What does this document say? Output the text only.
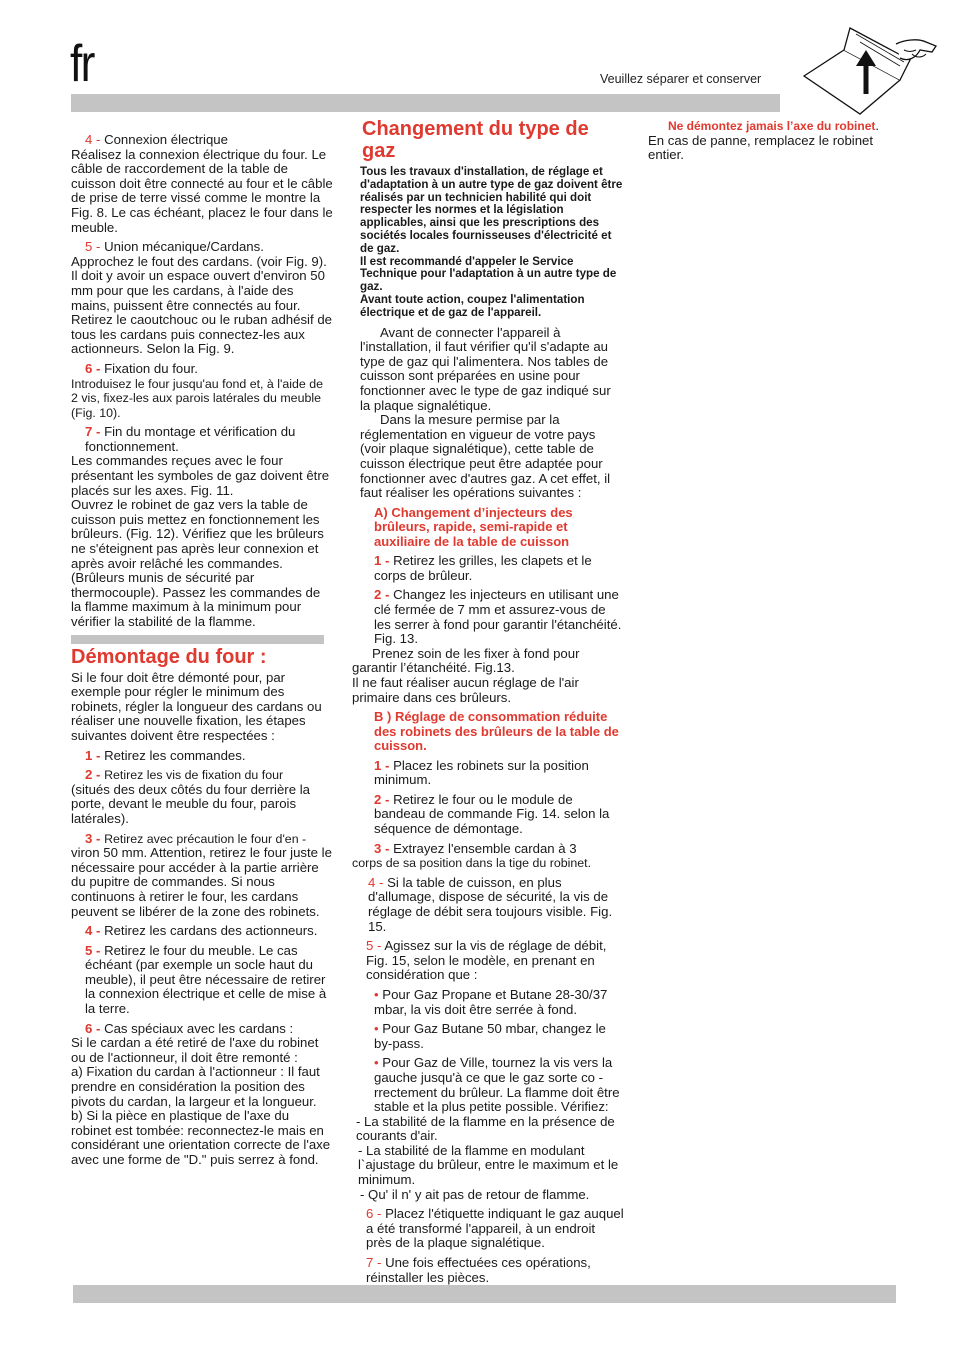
fr	Veuillez séparer et conserver
4 - Connexion électrique

Réalisez la connexion électrique du four. Le câble de raccordement de la table de cuisson doit être connecté au four et le câble de prise de terre vissé comme le montre la Fig. 8. Le cas échéant, placez le four dans le meuble.

5 - Union mécanique/Cardans.

Approchez le fout des cardans. (voir Fig. 9). Il doit y avoir un espace ouvert d'environ 50 mm pour que les cardans, à l'aide des mains, puissent être connectés au four. Retirez le caoutchouc ou le ruban adhésif de tous les cardans puis connectez-les aux actionneurs. Selon la Fig. 9.

6 - Fixation du four.

Introduisez le four jusqu'au fond et, à l'aide de 2 vis, fixez-les aux parois latérales du meuble (Fig. 10).

7 - Fin du montage et vérification du fonctionnement.
Les commandes reçues avec le four présentant les symboles de gaz doivent être placés sur les axes. Fig. 11.
Ouvrez le robinet de gaz vers la table de cuisson puis mettez en fonctionnement les brûleurs. (Fig. 12). Vérifiez que les brûleurs ne s'éteignent pas après leur connexion et après avoir relâché les commandes.

(Brûleurs munis de sécurité par thermocouple). Passez les commandes de la flamme maximum à la minimum pour vérifier la stabilité de la flamme.

Démontage du four :

Si le four doit être démonté pour, par exemple pour régler le minimum des robinets, régler la longueur des cardans ou réaliser une nouvelle fixation, les étapes suivantes doivent être respectées :

1 - Retirez les commandes.

2 - Retirez les vis de fixation du four

(situés des deux côtés du four derrière la porte, devant le meuble du four, parois latérales).

3 - Retirez avec précaution le four d'en -

viron 50 mm. Attention, retirez le four juste le nécessaire pour accéder à la partie arrière du pupitre de commandes. Si nous continuons à retirer le four, les cardans peuvent se libérer de la zone des robinets.

4 - Retirez les cardans des actionneurs.

5 - Retirez le four du meuble. Le cas échéant (par exemple un socle haut du meuble), il peut être nécessaire de retirer la connexion électrique et celle de mise à la terre.

6 - Cas spéciaux avec les cardans :
Si le cardan a été retiré de l'axe du robinet ou de l'actionneur, il doit être remonté :
a) Fixation du cardan à l'actionneur : Il faut prendre en considération la position des pivots du cardan, la largeur et la longueur.
b) Si la pièce en plastique de l'axe du robinet est tombée: reconnectez-le mais en considérant une orientation correcte de l'axe avec une forme de "D." puis serrez à fond.
Changement du type de gaz
Tous les travaux d'installation, de réglage et d'adaptation à un autre type de gaz doivent être réalisés par un technicien habilité qui doit respecter les normes et la législation applicables, ainsi que les prescriptions des sociétés locales fournisseuses d'électricité et de gaz.
Il est recommandé d'appeler le Service Technique pour l'adaptation à un autre type de gaz.
Avant toute action, coupez l'alimentation électrique et de gaz de l'appareil.
Avant de connecter l'appareil à l'installation, il faut vérifier qu'il s'adapte au type de gaz qui l'alimentera. Nos tables de cuisson sont préparées en usine pour fonctionner avec le type de gaz indiqué sur la plaque signalétique.

Dans la mesure permise par la réglementation en vigueur de votre pays (voir plaque signalétique), cette table de cuisson électrique peut être adaptée pour fonctionner avec d'autres gaz. A cet effet, il faut réaliser les opérations suivantes :

A) Changement d’injecteurs des brûleurs, rapide, semi-rapide et auxiliaire de la table de cuisson

1 - Retirez les grilles, les clapets et le corps de brûleur.

2 - Changez les injecteurs en utilisant une clé fermée de 7 mm et assurez-vous de les serrer à fond pour garantir l'étanchéité. Fig. 13.
Prenez soin de les fixer à fond pour garantir l’étanchéité. Fig.13.

Il ne faut réaliser aucun réglage de l'air primaire dans ces brûleurs.

B ) Réglage de consommation réduite des robinets des brûleurs de la table de cuisson.

1 - Placez les robinets sur la position minimum.

2 - Retirez le four ou le module de bandeau de commande Fig. 14. selon la séquence de démontage.

3 - Extrayez l'ensemble cardan à 3

corps de sa position dans la tige du robinet.

4 - Si la table de cuisson, en plus d'allumage, dispose de sécurité, la vis de réglage de débit sera toujours visible. Fig. 15.

5 - Agissez sur la vis de réglage de débit, Fig. 15, selon le modèle, en prenant en considération que :

• Pour Gaz Propane et Butane 28-30/37 mbar, la vis doit être serrée à fond.

• Pour Gaz Butane 50 mbar, changez le by-pass.

• Pour Gaz de Ville, tournez la vis vers la gauche jusqu'à ce que le gaz sorte co - rrectement du brûleur. La flamme doit être stable et la plus petite possible. Vérifiez:
- La stabilité de la flamme en la présence de courants d'air.
- La stabilité de la flamme en modulant l`ajustage du brûleur, entre le maximum et le minimum.

- Qu' il n' y ait pas de retour de flamme.

6 - Placez l'étiquette indiquant le gaz auquel a été transformé l'appareil, à un endroit près de la plaque signalétique.

7 - Une fois effectuées ces opérations, réinstaller les pièces.

Ne démontez jamais l’axe du robinet.
En cas de panne, remplacez le robinet entier.
